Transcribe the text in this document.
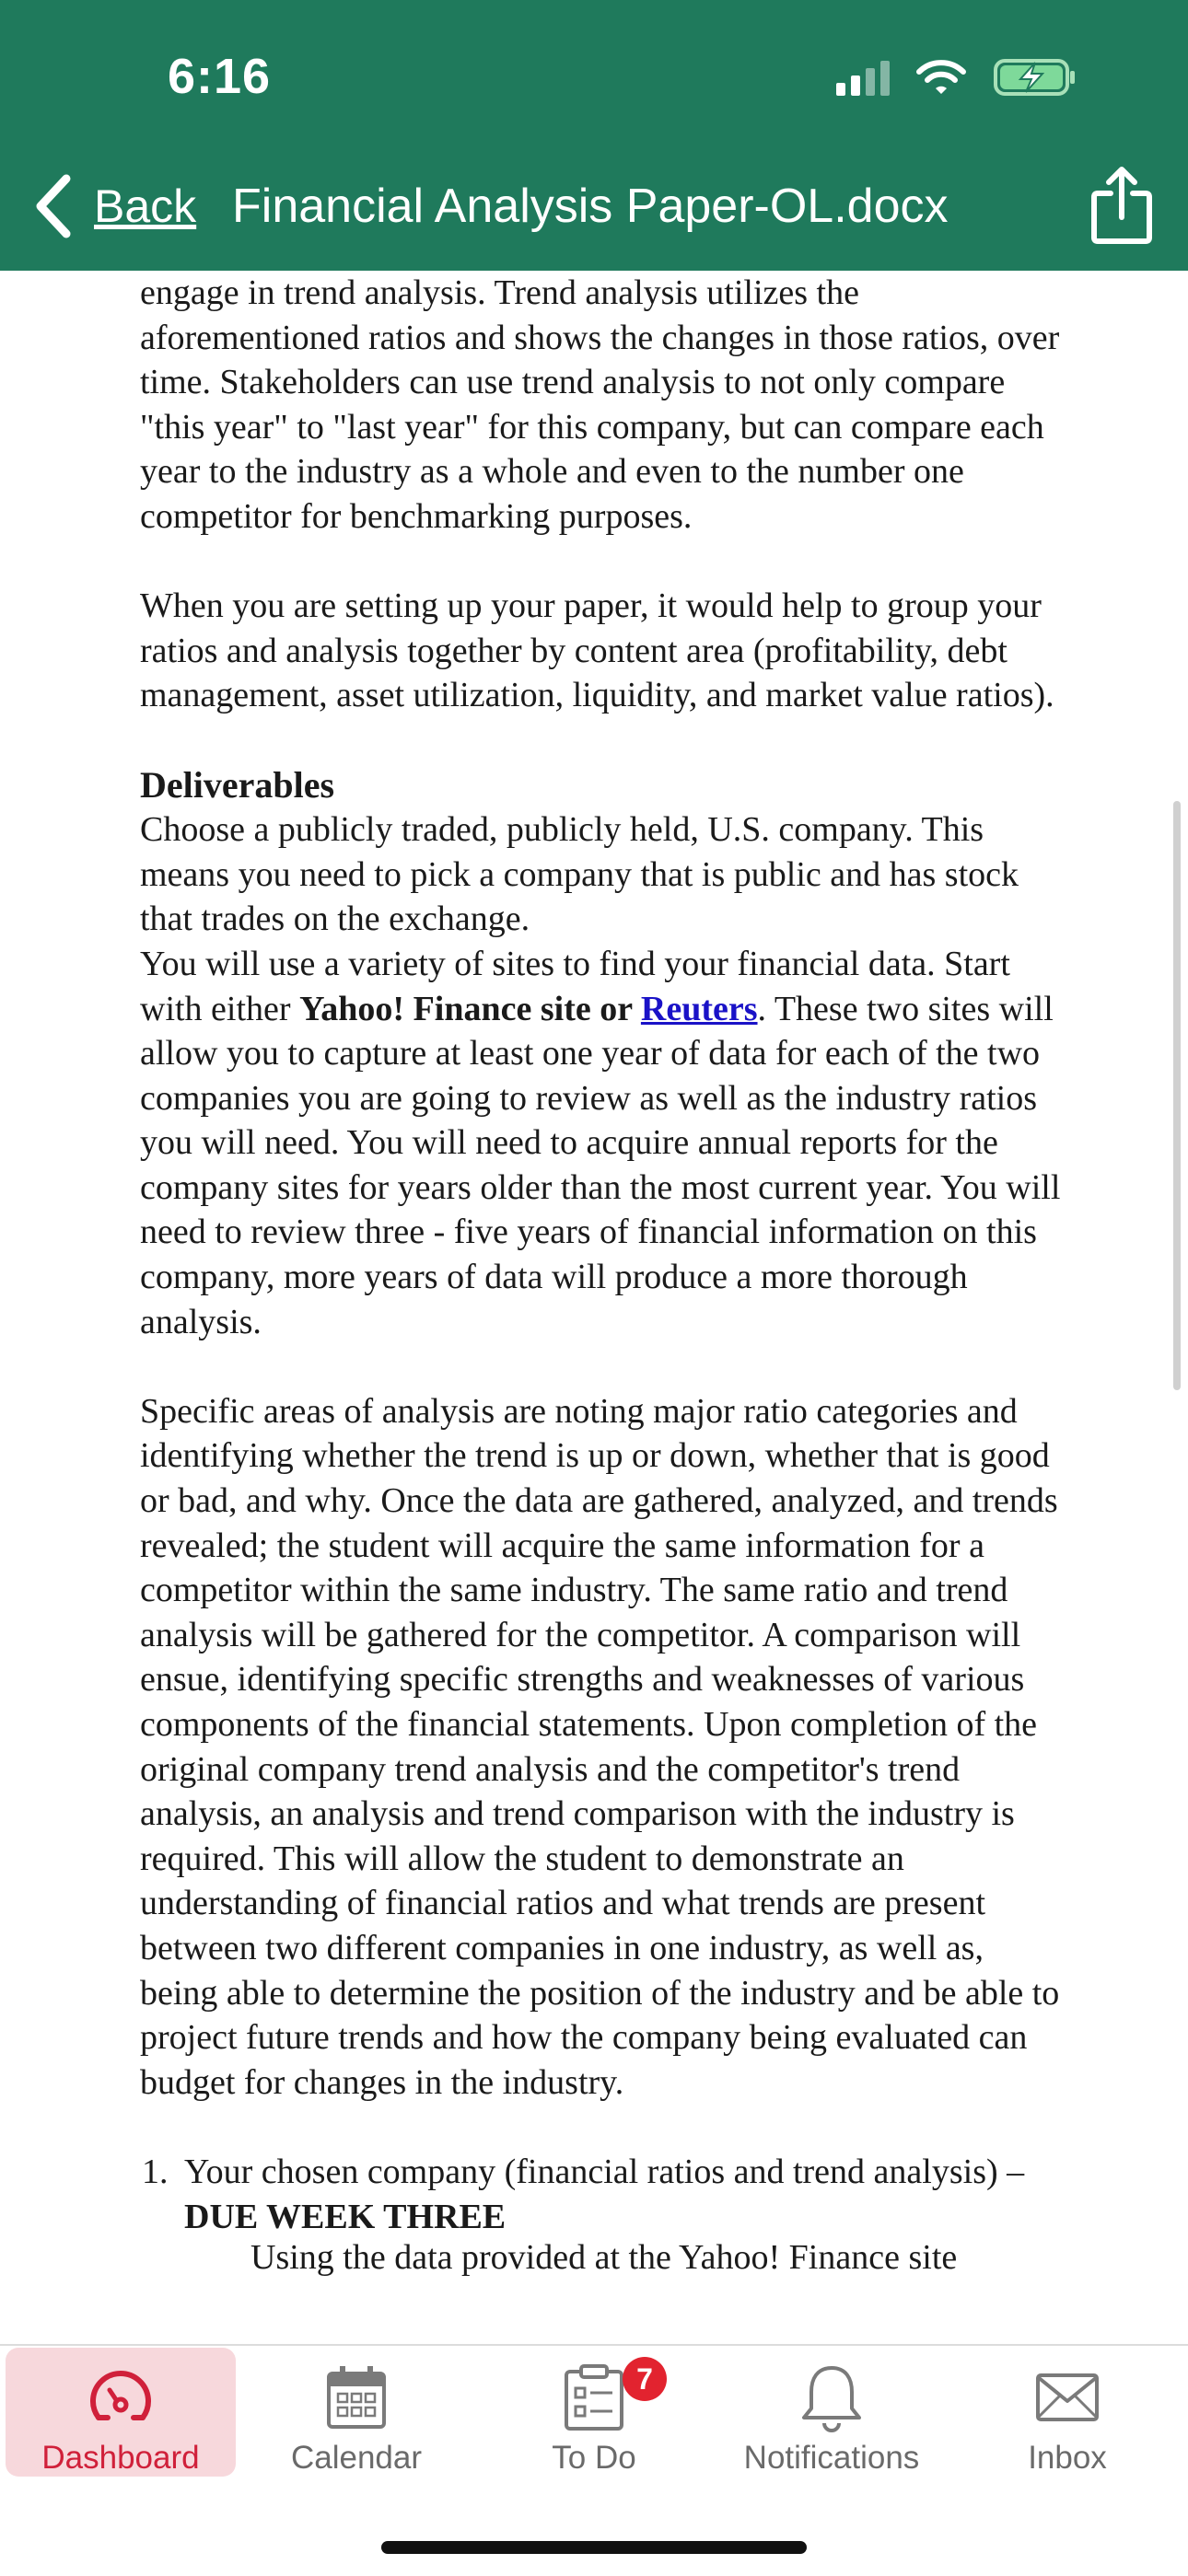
6:16
Back Financial Analysis Paper-OL.docx

engage in trend analysis. Trend analysis utilizes the aforementioned ratios and shows the changes in those ratios, over time. Stakeholders can use trend analysis to not only compare "this year" to "last year" for this company, but can compare each year to the industry as a whole and even to the number one competitor for benchmarking purposes.

When you are setting up your paper, it would help to group your ratios and analysis together by content area (profitability, debt management, asset utilization, liquidity, and market value ratios).

Deliverables

Choose a publicly traded, publicly held, U.S. company. This means you need to pick a company that is public and has stock that trades on the exchange.

You will use a variety of sites to find your financial data. Start with either Yahoo! Finance site or Reuters. These two sites will allow you to capture at least one year of data for each of the two companies you are going to review as well as the industry ratios you will need. You will need to acquire annual reports for the company sites for years older than the most current year. You will need to review three - five years of financial information on this company, more years of data will produce a more thorough analysis.

Specific areas of analysis are noting major ratio categories and identifying whether the trend is up or down, whether that is good or bad, and why. Once the data are gathered, analyzed, and trends revealed; the student will acquire the same information for a competitor within the same industry. The same ratio and trend analysis will be gathered for the competitor. A comparison will ensue, identifying specific strengths and weaknesses of various components of the financial statements. Upon completion of the original company trend analysis and the competitor's trend analysis, an analysis and trend comparison with the industry is required. This will allow the student to demonstrate an understanding of financial ratios and what trends are present between two different companies in one industry, as well as, being able to determine the position of the industry and be able to project future trends and how the company being evaluated can budget for changes in the industry.

1. Your chosen company (financial ratios and trend analysis) – DUE WEEK THREE

Using the data provided at the Yahoo! Finance site

Dashboard	Calendar
7
To Do	Notifications	Inbox
